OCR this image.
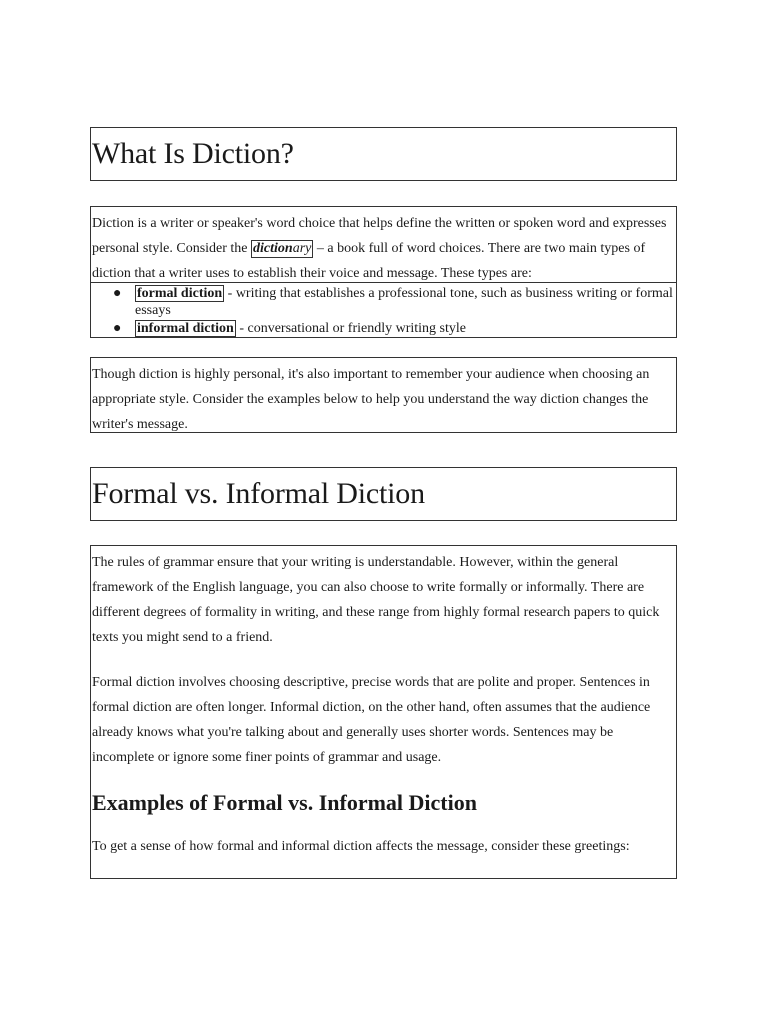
What Is Diction?

Diction is a writer or speaker's word choice that helps define the written or spoken word and expresses personal style. Consider the dictionary – a book full of word choices. There are two main types of diction that a writer uses to establish their voice and message. These types are:

● formal diction - writing that establishes a professional tone, such as business writing or formal essays
● informal diction - conversational or friendly writing style

Though diction is highly personal, it's also important to remember your audience when choosing an appropriate style. Consider the examples below to help you understand the way diction changes the writer's message.

Formal vs. Informal Diction

The rules of grammar ensure that your writing is understandable. However, within the general framework of the English language, you can also choose to write formally or informally. There are different degrees of formality in writing, and these range from highly formal research papers to quick texts you might send to a friend.

Formal diction involves choosing descriptive, precise words that are polite and proper. Sentences in formal diction are often longer. Informal diction, on the other hand, often assumes that the audience already knows what you're talking about and generally uses shorter words. Sentences may be incomplete or ignore some finer points of grammar and usage.

Examples of Formal vs. Informal Diction

To get a sense of how formal and informal diction affects the message, consider these greetings:
